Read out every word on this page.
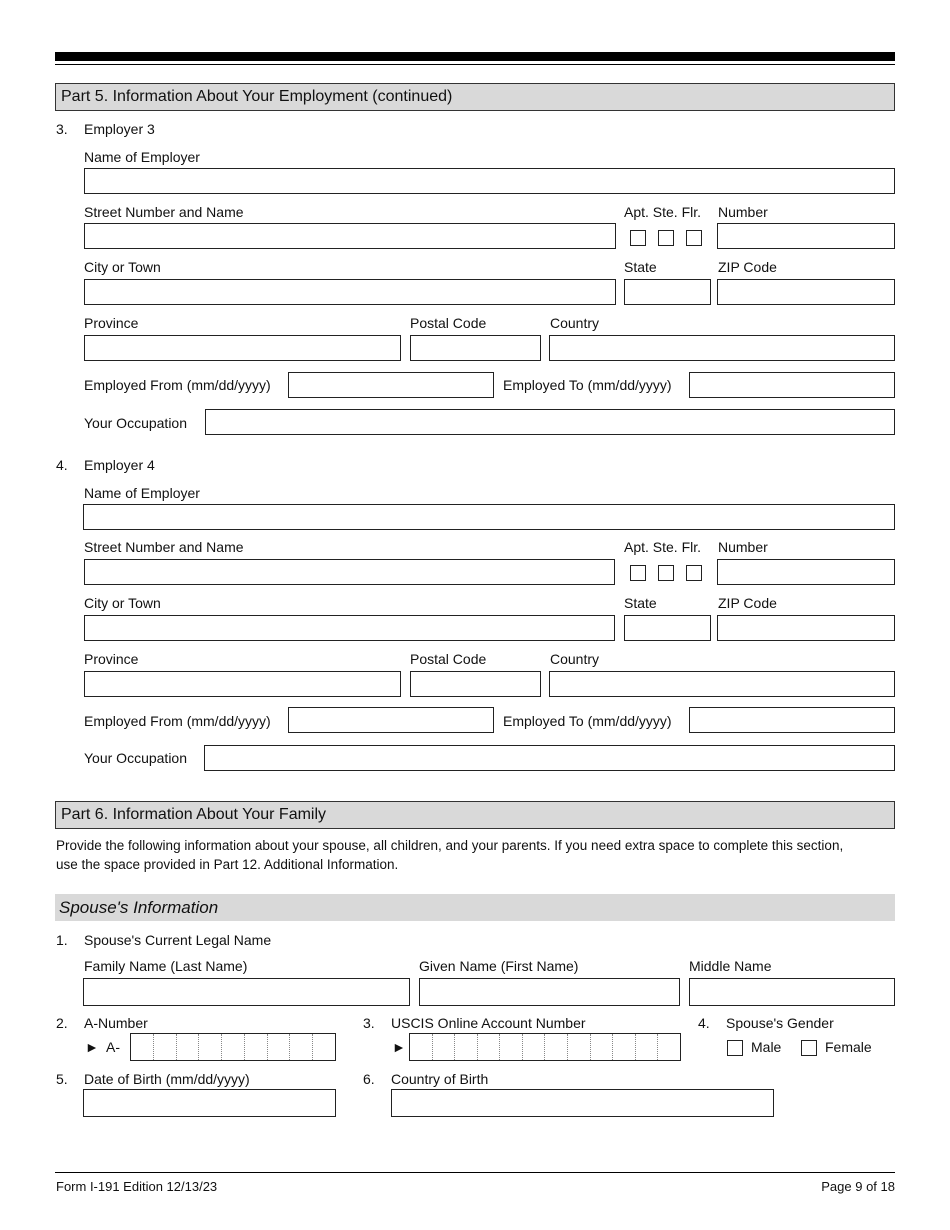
Part 5. Information About Your Employment (continued)
3. Employer 3
Name of Employer
Street Number and Name	Apt. Ste. Flr. Number
City or Town	State	ZIP Code
Province	Postal Code	Country
Employed From (mm/dd/yyyy)	Employed To (mm/dd/yyyy)
Your Occupation
4. Employer 4
Name of Employer
Street Number and Name	Apt. Ste. Flr. Number
City or Town	State	ZIP Code
Province	Postal Code	Country
Employed From (mm/dd/yyyy)	Employed To (mm/dd/yyyy)
Your Occupation
Part 6. Information About Your Family
Provide the following information about your spouse, all children, and your parents. If you need extra space to complete this section,
use the space provided in Part 12. Additional Information.
Spouse's Information
1. Spouse's Current Legal Name
Family Name (Last Name)	Given Name (First Name)	Middle Name
2. A-Number
► A-
3. USCIS Online Account Number
►
4. Spouse's Gender
Male	Female
5. Date of Birth (mm/dd/yyyy)	6. Country of Birth
Form I-191 Edition 12/13/23	Page 9 of 18
